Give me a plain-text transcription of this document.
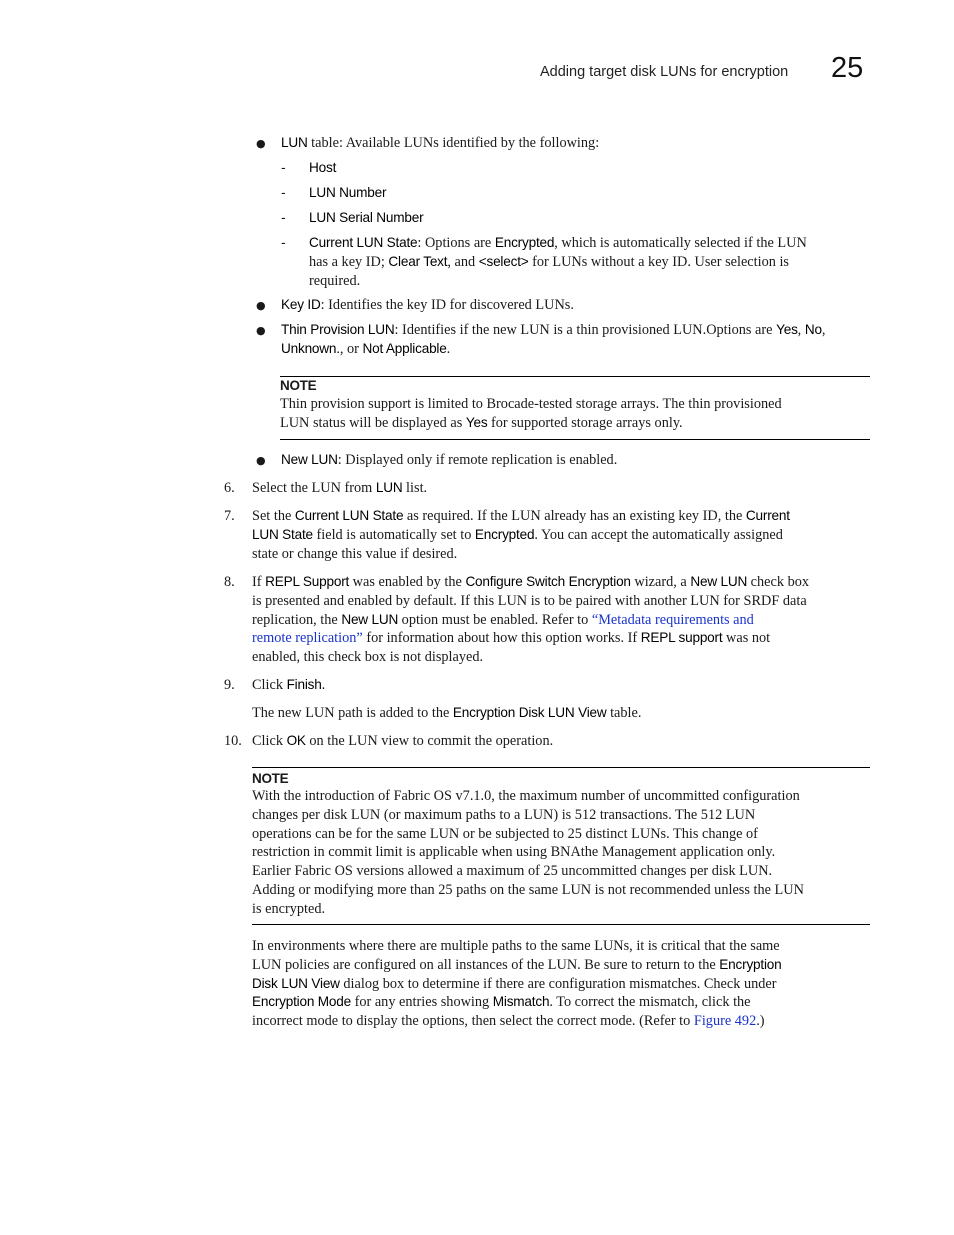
Adding target disk LUNs for encryption 25
● LUN table: Available LUNs identified by the following:
- Host
- LUN Number
- LUN Serial Number
- Current LUN State: Options are Encrypted, which is automatically selected if the LUN
has a key ID; Clear Text, and <select> for LUNs without a key ID. User selection is
required.
● Key ID: Identifies the key ID for discovered LUNs.
● Thin Provision LUN: Identifies if the new LUN is a thin provisioned LUN.Options are Yes, No,
Unknown., or Not Applicable.
NOTE
Thin provision support is limited to Brocade-tested storage arrays. The thin provisioned
LUN status will be displayed as Yes for supported storage arrays only.
● New LUN: Displayed only if remote replication is enabled.
6. Select the LUN from LUN list.
7. Set the Current LUN State as required. If the LUN already has an existing key ID, the Current
LUN State field is automatically set to Encrypted. You can accept the automatically assigned
state or change this value if desired.
8. If REPL Support was enabled by the Configure Switch Encryption wizard, a New LUN check box
is presented and enabled by default. If this LUN is to be paired with another LUN for SRDF data
replication, the New LUN option must be enabled. Refer to “Metadata requirements and
remote replication” for information about how this option works. If REPL support was not
enabled, this check box is not displayed.
9. Click Finish.
The new LUN path is added to the Encryption Disk LUN View table.
10. Click OK on the LUN view to commit the operation.
NOTE
With the introduction of Fabric OS v7.1.0, the maximum number of uncommitted configuration
changes per disk LUN (or maximum paths to a LUN) is 512 transactions. The 512 LUN
operations can be for the same LUN or be subjected to 25 distinct LUNs. This change of
restriction in commit limit is applicable when using BNAthe Management application only.
Earlier Fabric OS versions allowed a maximum of 25 uncommitted changes per disk LUN.
Adding or modifying more than 25 paths on the same LUN is not recommended unless the LUN
is encrypted.
In environments where there are multiple paths to the same LUNs, it is critical that the same
LUN policies are configured on all instances of the LUN. Be sure to return to the Encryption
Disk LUN View dialog box to determine if there are configuration mismatches. Check under
Encryption Mode for any entries showing Mismatch. To correct the mismatch, click the
incorrect mode to display the options, then select the correct mode. (Refer to Figure 492.)
